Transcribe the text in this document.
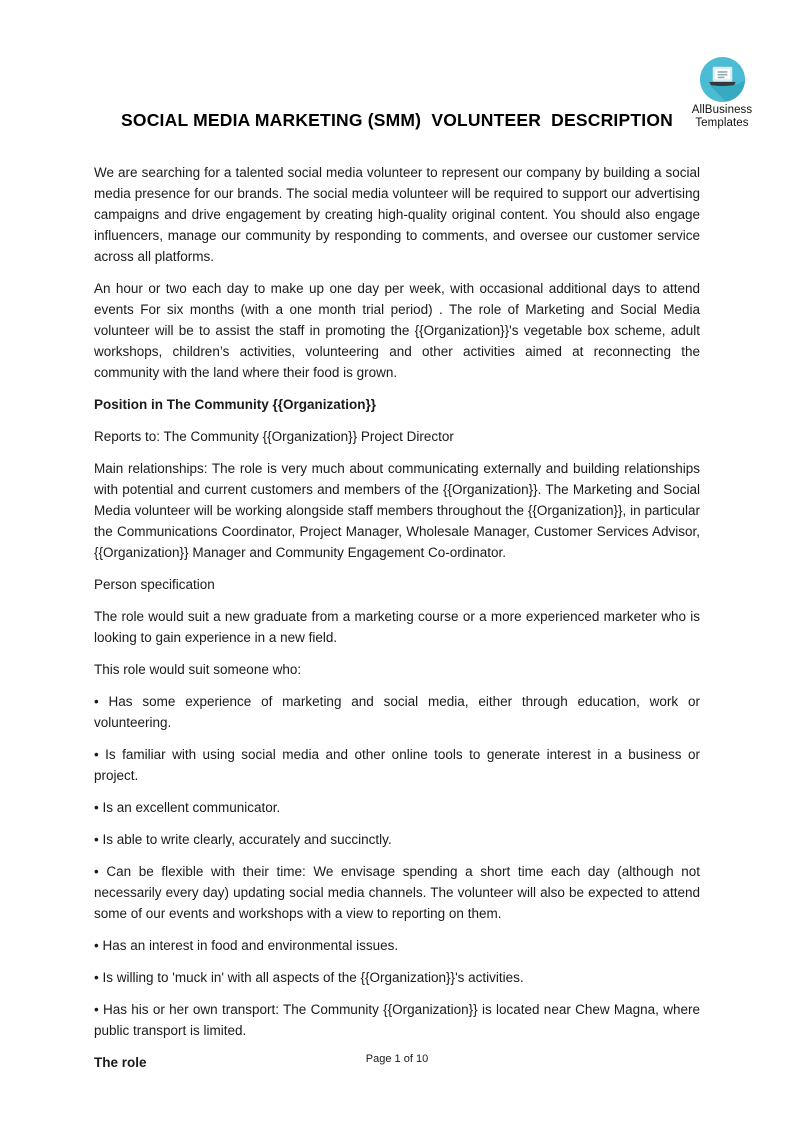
AllBusiness
Templates
SOCIAL MEDIA MARKETING (SMM)  VOLUNTEER  DESCRIPTION

We are searching for a talented social media volunteer to represent our company by building a social media presence for our brands. The social media volunteer will be required to support our advertising campaigns and drive engagement by creating high-quality original content. You should also engage influencers, manage our community by responding to comments, and oversee our customer service across all platforms.

An hour or two each day to make up one day per week, with occasional additional days to attend events For six months (with a one month trial period) . The role of Marketing and Social Media volunteer will be to assist the staff in promoting the {{Organization}}'s vegetable box scheme, adult workshops, children’s activities, volunteering and other activities aimed at reconnecting the community with the land where their food is grown.

Position in The Community {{Organization}}

Reports to: The Community {{Organization}} Project Director

Main relationships: The role is very much about communicating externally and building relationships with potential and current customers and members of the {{Organization}}. The Marketing and Social Media volunteer will be working alongside staff members throughout the {{Organization}}, in particular the Communications Coordinator, Project Manager, Wholesale Manager, Customer Services Advisor, {{Organization}} Manager and Community Engagement Co-ordinator.

Person specification

The role would suit a new graduate from a marketing course or a more experienced marketer who is looking to gain experience in a new field.

This role would suit someone who:

• Has some experience of marketing and social media, either through education, work or volunteering.

• Is familiar with using social media and other online tools to generate interest in a business or project.

• Is an excellent communicator.

• Is able to write clearly, accurately and succinctly.

• Can be flexible with their time: We envisage spending a short time each day (although not necessarily every day) updating social media channels. The volunteer will also be expected to attend some of our events and workshops with a view to reporting on them.

• Has an interest in food and environmental issues.

• Is willing to 'muck in' with all aspects of the {{Organization}}'s activities.

• Has his or her own transport: The Community {{Organization}} is located near Chew Magna, where public transport is limited.

The role	Page 1 of 10
